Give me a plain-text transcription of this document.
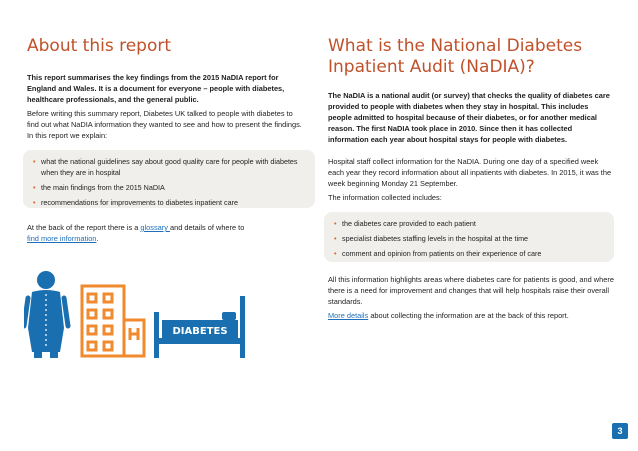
About this report

This report summarises the key findings from the 2015 NaDIA report for England and Wales. It is a document for everyone – people with diabetes, healthcare professionals, and the general public.

Before writing this summary report, Diabetes UK talked to people with diabetes to find out what NaDIA information they wanted to see and how to present the findings. In this report we explain:

• what the national guidelines say about good quality care for people with diabetes when they are in hospital
• the main findings from the 2015 NaDIA
• recommendations for improvements to diabetes inpatient care

At the back of the report there is a glossary and details of where to
find more information.

DIABETES
What is the National Diabetes Inpatient Audit (NaDIA)?

The NaDIA is a national audit (or survey) that checks the quality of diabetes care provided to people with diabetes when they stay in hospital. This includes people admitted to hospital because of their diabetes, or for another medical reason. The first NaDIA took place in 2010. Since then it has collected information each year about hospital stays for people with diabetes.

Hospital staff collect information for the NaDIA. During one day of a specified week each year they record information about all inpatients with diabetes. In 2015, it was the week beginning Monday 21 September.

The information collected includes:

• the diabetes care provided to each patient
• specialist diabetes staffing levels in the hospital at the time
• comment and opinion from patients on their experience of care

All this information highlights areas where diabetes care for patients is good, and where there is a need for improvement and changes that will help hospitals raise their overall standards.

More details about collecting the information are at the back of this report.

3
